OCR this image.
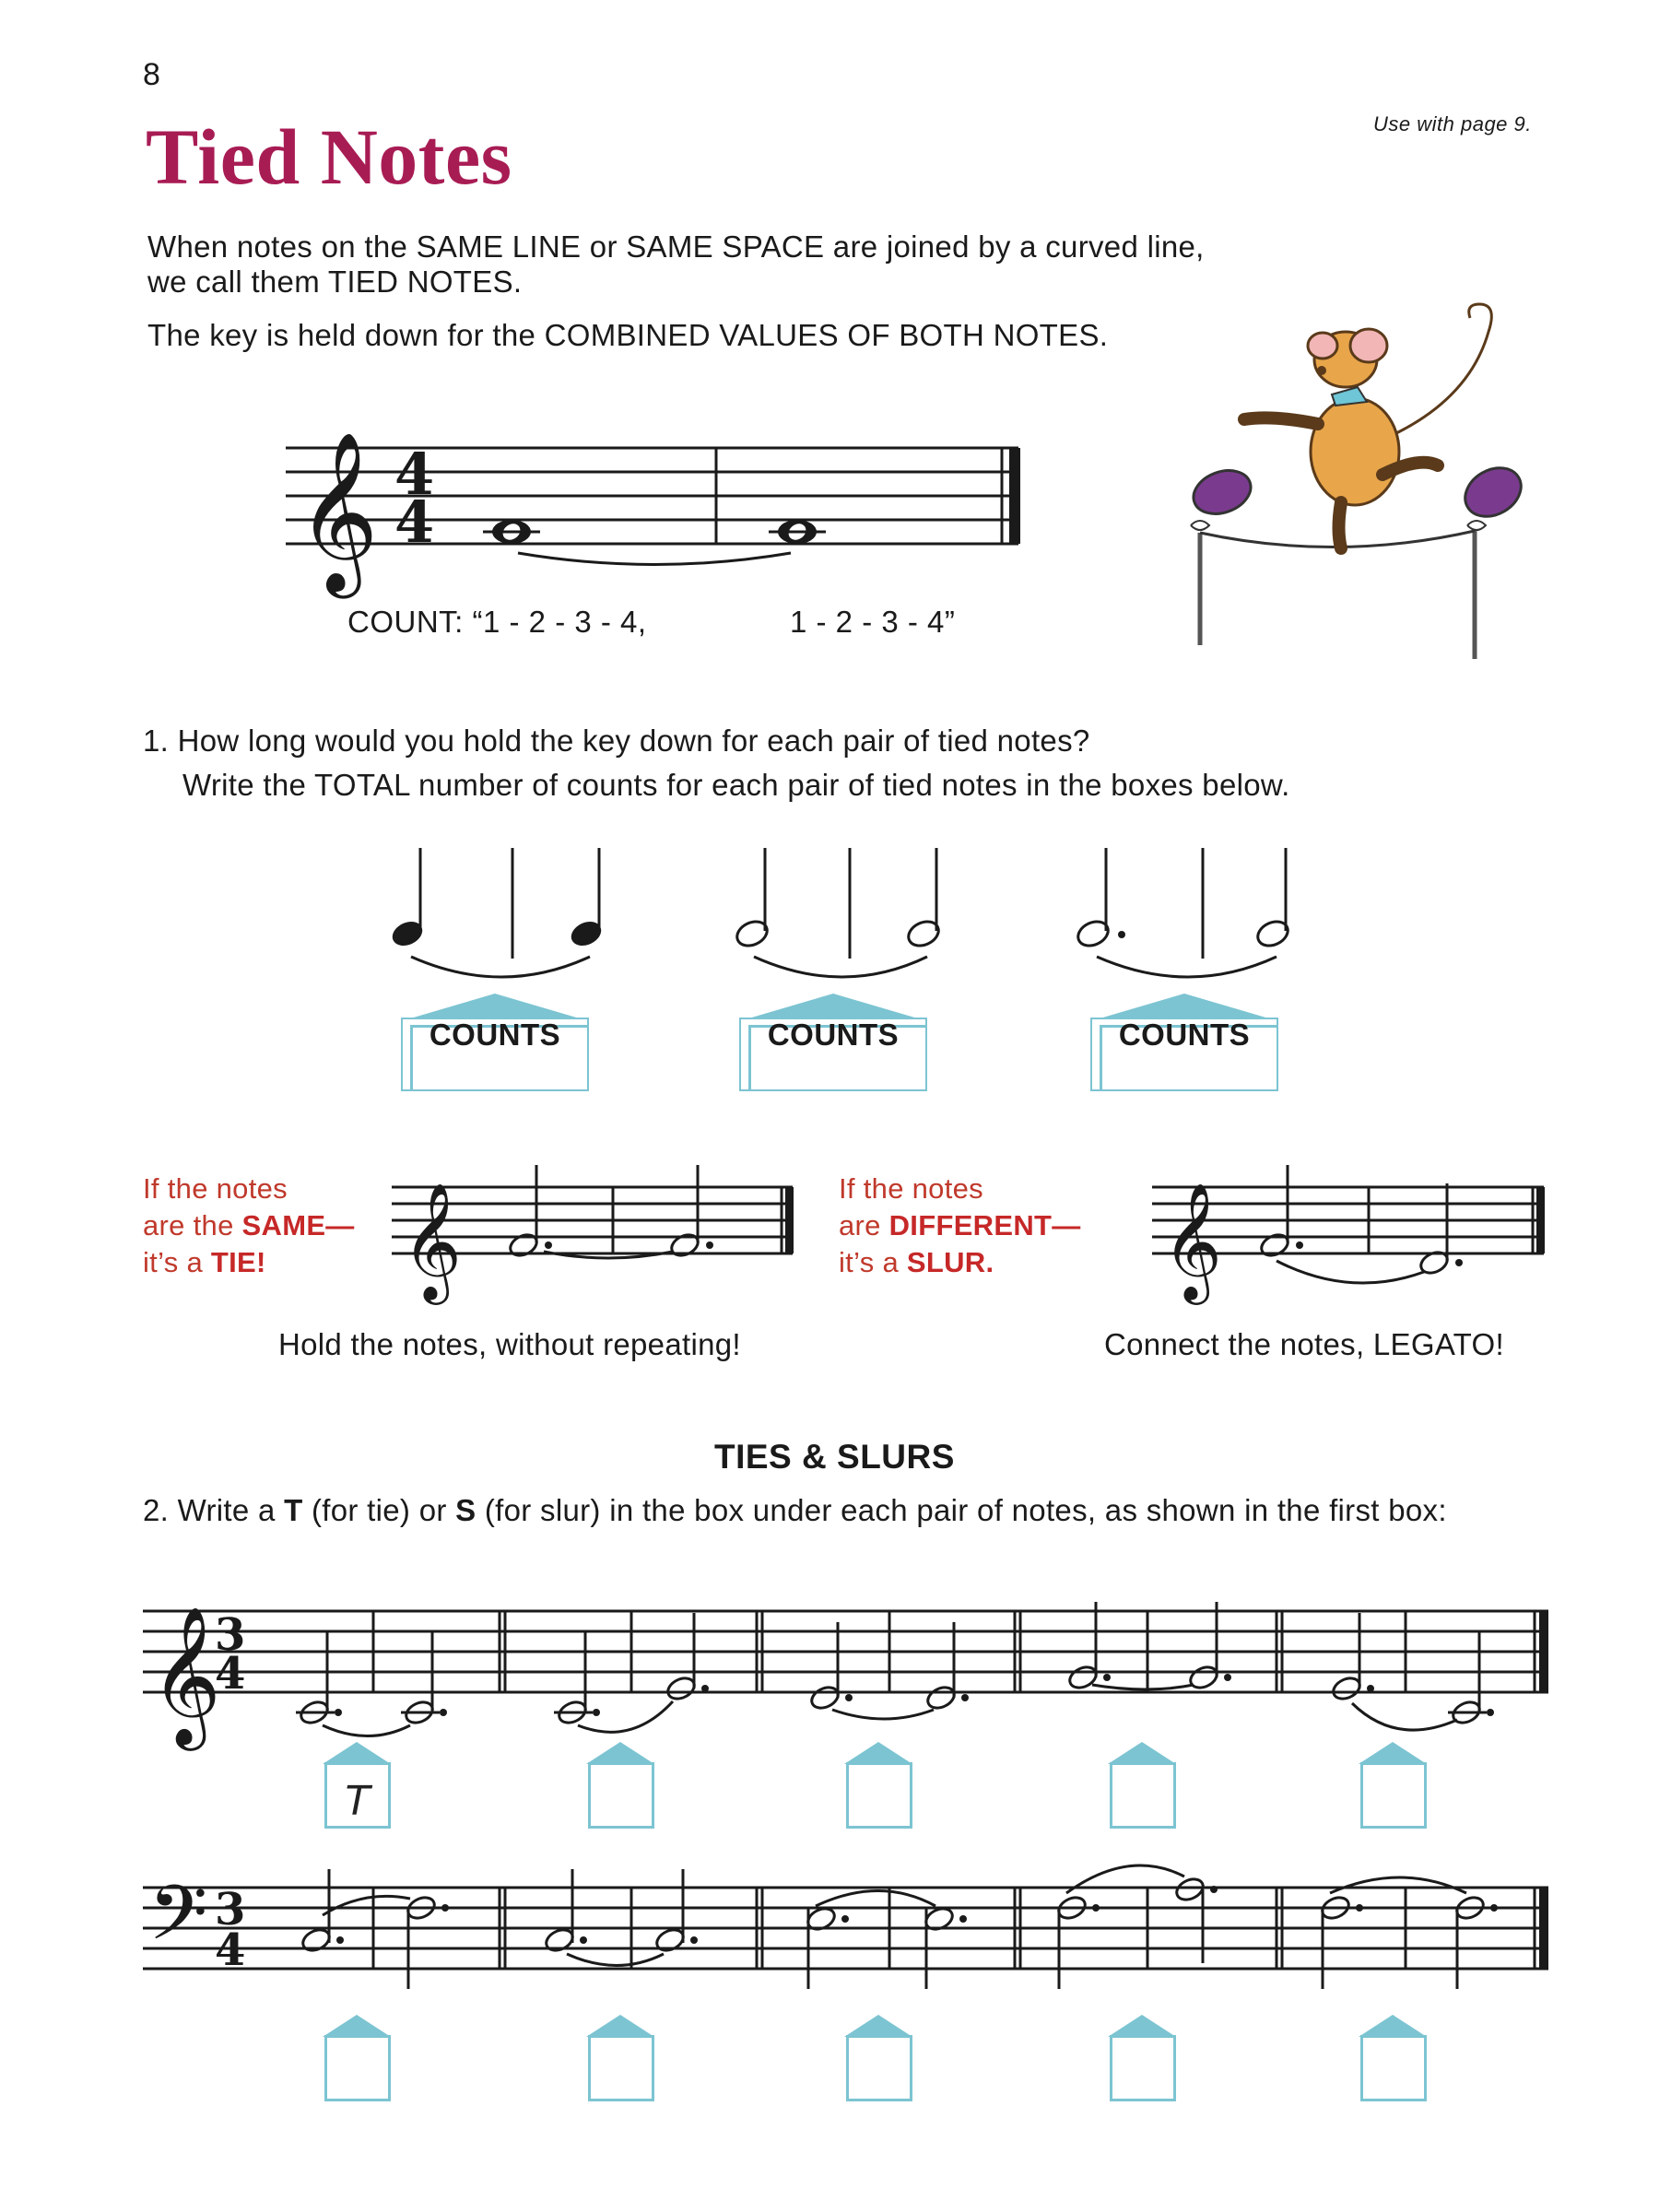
8
Use with page 9.
Tied Notes
When notes on the SAME LINE or SAME SPACE are joined by a curved line,
we call them TIED NOTES.
The key is held down for the COMBINED VALUES OF BOTH NOTES.
𝄞 4
4
COUNT: “1 - 2 - 3 - 4,	1 - 2 - 3 - 4”
1. How long would you hold the key down for each pair of tied notes?
Write the TOTAL number of counts for each pair of tied notes in the boxes below.
COUNTS	COUNTS	COUNTS
If the notes
are the SAME—
it’s a TIE!	𝄞
Hold the notes, without repeating!
If the notes
are DIFFERENT—
it’s a SLUR.	𝄞
Connect the notes, LEGATO!
TIES & SLURS
2. Write a T (for tie) or S (for slur) in the box under each pair of notes, as shown in the first box:
𝄞
3
4
T
𝄢 3
4
